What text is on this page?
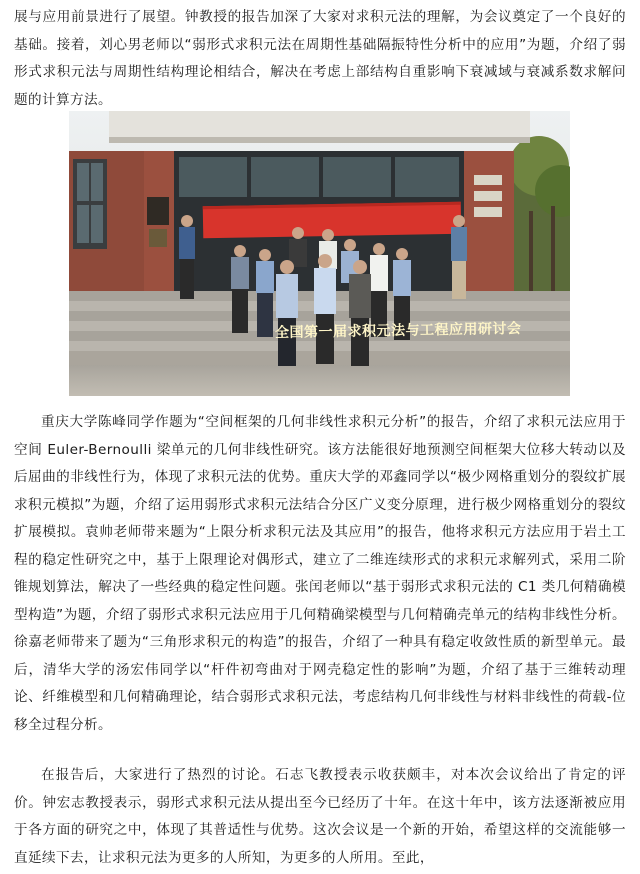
展与应用前景进行了展望。钟教授的报告加深了大家对求积元法的理解，为会议奠定了一个良好的基础。接着，刘心男老师以“弱形式求积元法在周期性基础隔振特性分析中的应用”为题，介绍了弱形式求积元法与周期性结构理论相结合，解决在考虑上部结构自重影响下衰减域与衰减系数求解问题的计算方法。

全国第一届求积元法与工程应用研讨会

重庆大学陈峰同学作题为“空间框架的几何非线性求积元分析”的报告，介绍了求积元法应用于空间 Euler-Bernoulli 梁单元的几何非线性研究。该方法能很好地预测空间框架大位移大转动以及后屈曲的非线性行为，体现了求积元法的优势。重庆大学的邓鑫同学以“极少网格重划分的裂纹扩展求积元模拟”为题，介绍了运用弱形式求积元法结合分区广义变分原理，进行极少网格重划分的裂纹扩展模拟。袁帅老师带来题为“上限分析求积元法及其应用”的报告，他将求积元方法应用于岩土工程的稳定性研究之中，基于上限理论对偶形式，建立了二维连续形式的求积元求解列式，采用二阶锥规划算法，解决了一些经典的稳定性问题。张闰老师以“基于弱形式求积元法的 C1 类几何精确模型构造”为题，介绍了弱形式求积元法应用于几何精确梁模型与几何精确壳单元的结构非线性分析。徐嘉老师带来了题为“三角形求积元的构造”的报告，介绍了一种具有稳定收敛性质的新型单元。最后，清华大学的汤宏伟同学以“杆件初弯曲对于网壳稳定性的影响”为题，介绍了基于三维转动理论、纤维模型和几何精确理论，结合弱形式求积元法，考虑结构几何非线性与材料非线性的荷载-位移全过程分析。

在报告后，大家进行了热烈的讨论。石志飞教授表示收获颇丰，对本次会议给出了肯定的评价。钟宏志教授表示，弱形式求积元法从提出至今已经历了十年。在这十年中，该方法逐渐被应用于各方面的研究之中，体现了其普适性与优势。这次会议是一个新的开始，希望这样的交流能够一直延续下去，让求积元法为更多的人所知，为更多的人所用。至此，
